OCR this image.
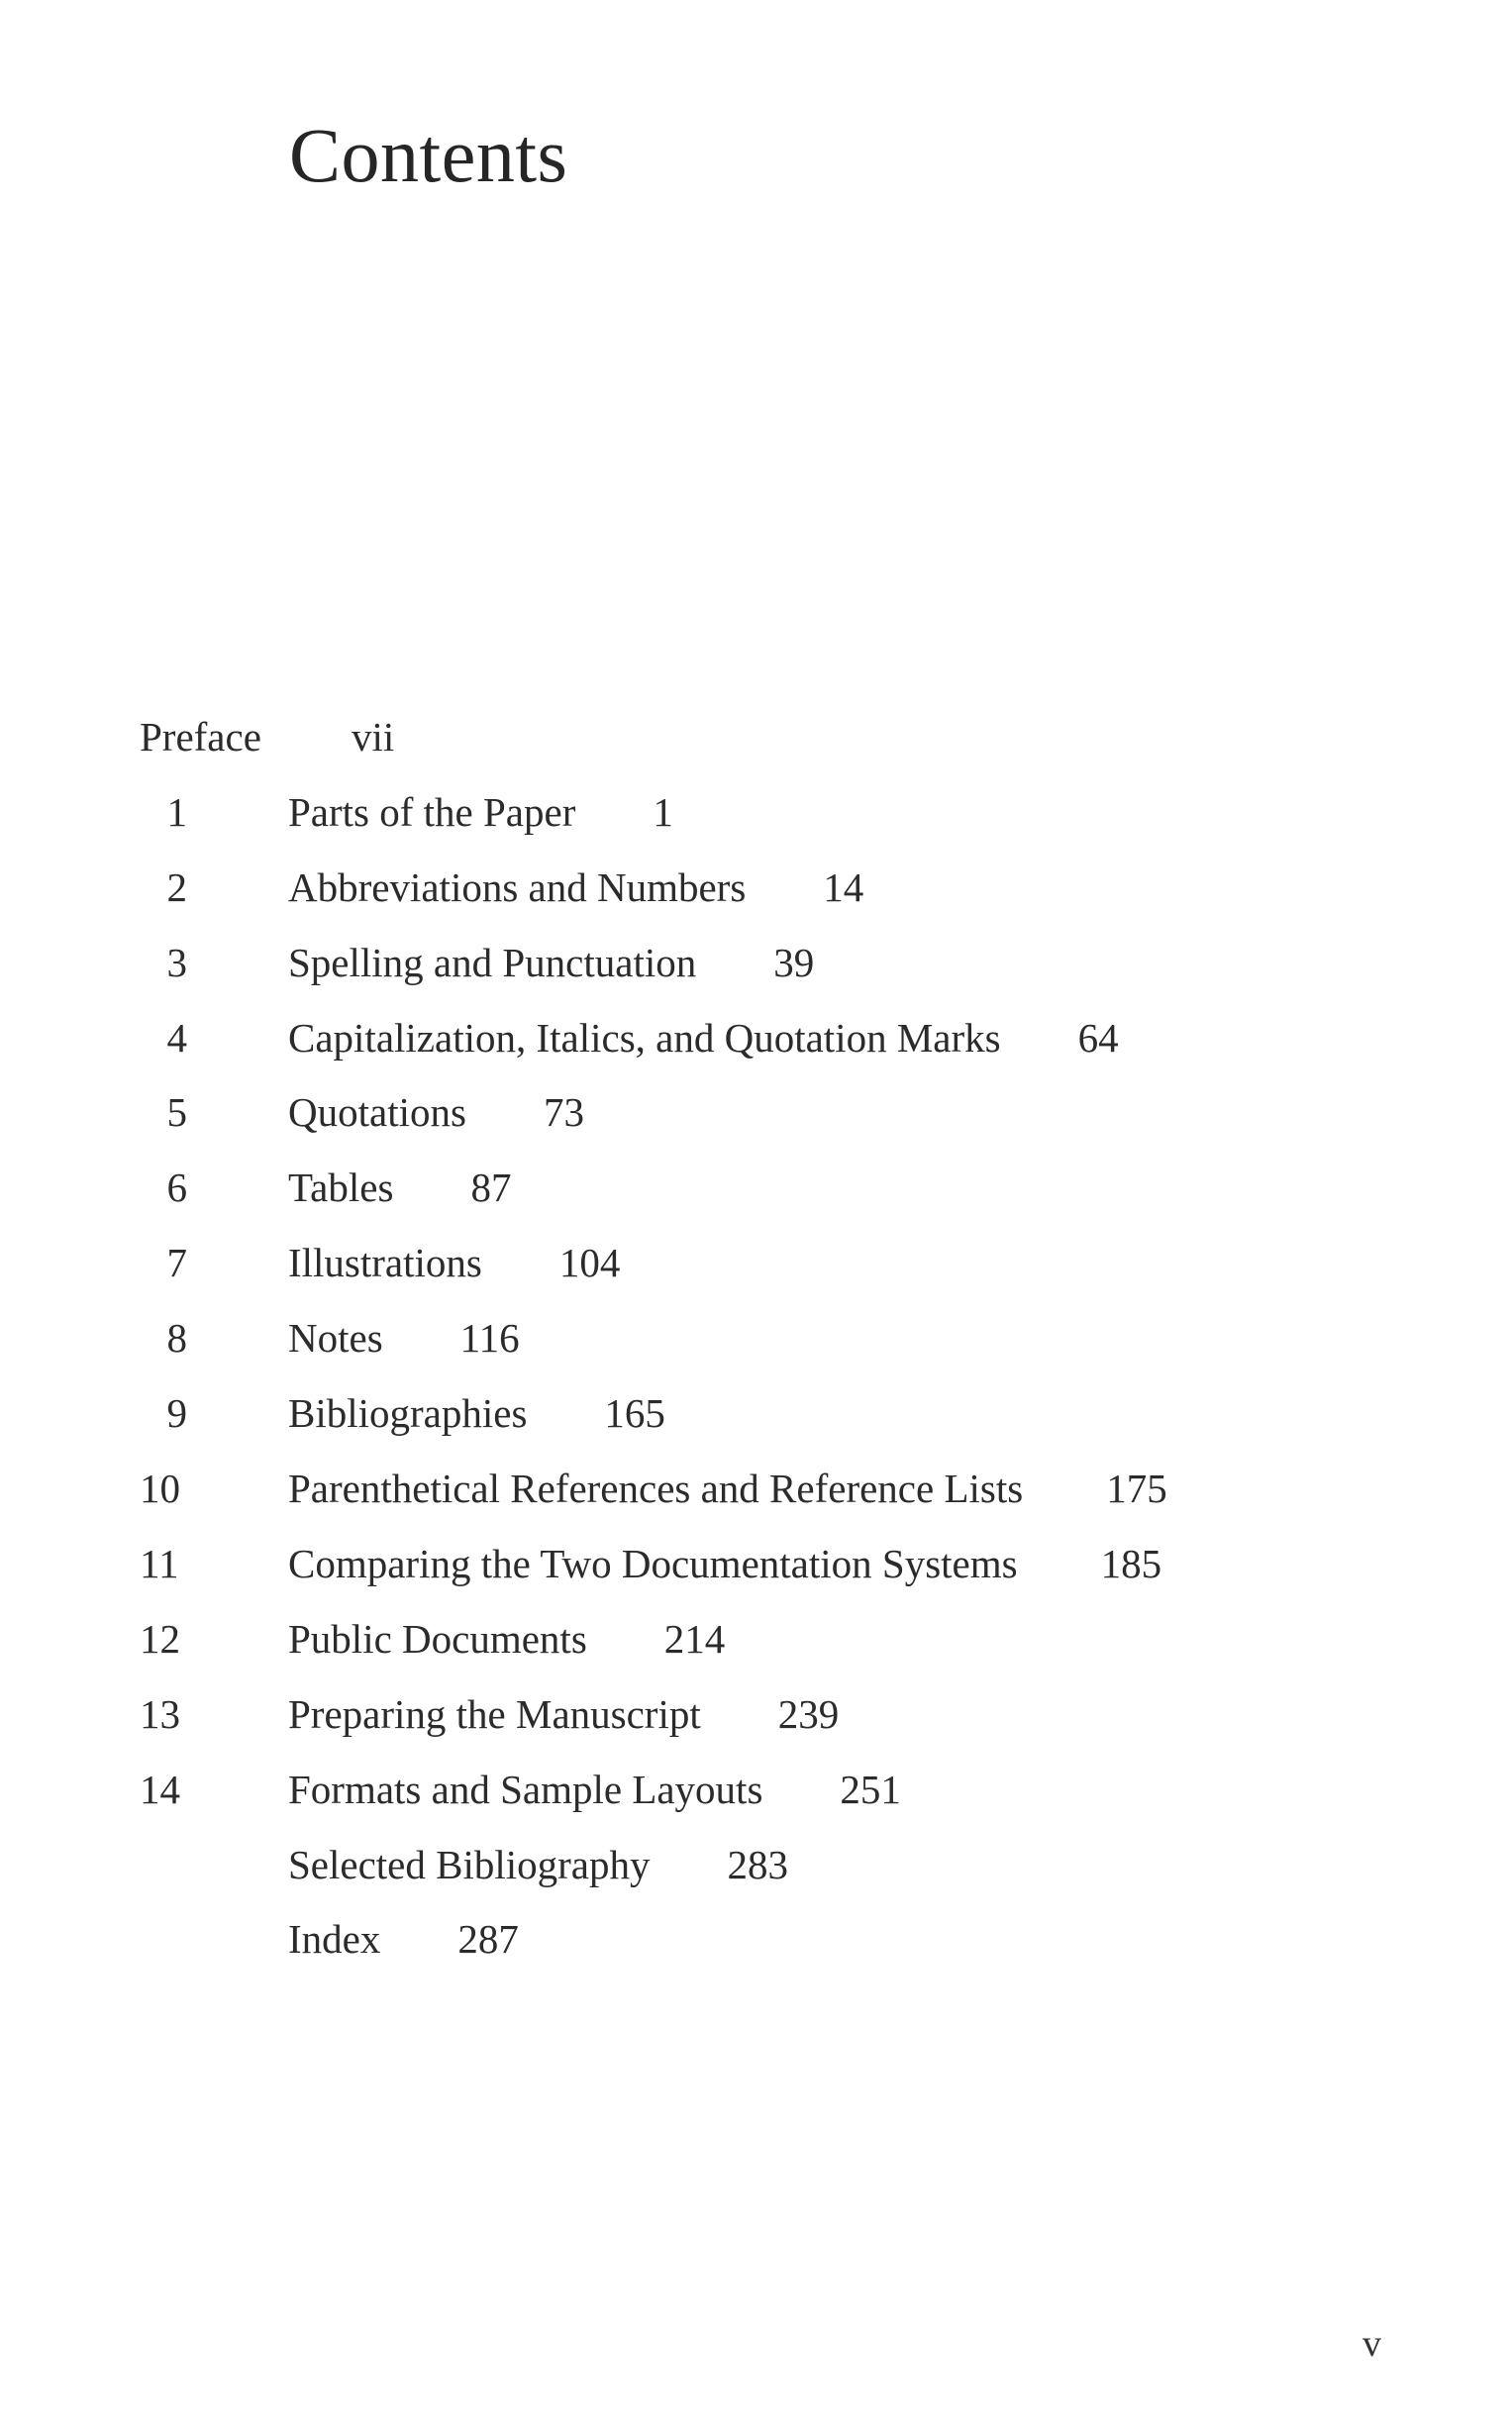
Contents
Preface	vii
1 Parts of the Paper 1
2 Abbreviations and Numbers 14
3 Spelling and Punctuation 39
4 Capitalization, Italics, and Quotation Marks 64
5 Quotations 73
6 Tables 87
7 Illustrations 104
8 Notes 116
9 Bibliographies 165
10	Parenthetical References and Reference Lists 175
11	Comparing the Two Documentation Systems 185
12	Public Documents 214
13	Preparing the Manuscript 239
14	Formats and Sample Layouts 251
Selected Bibliography 283
Index 287
v
